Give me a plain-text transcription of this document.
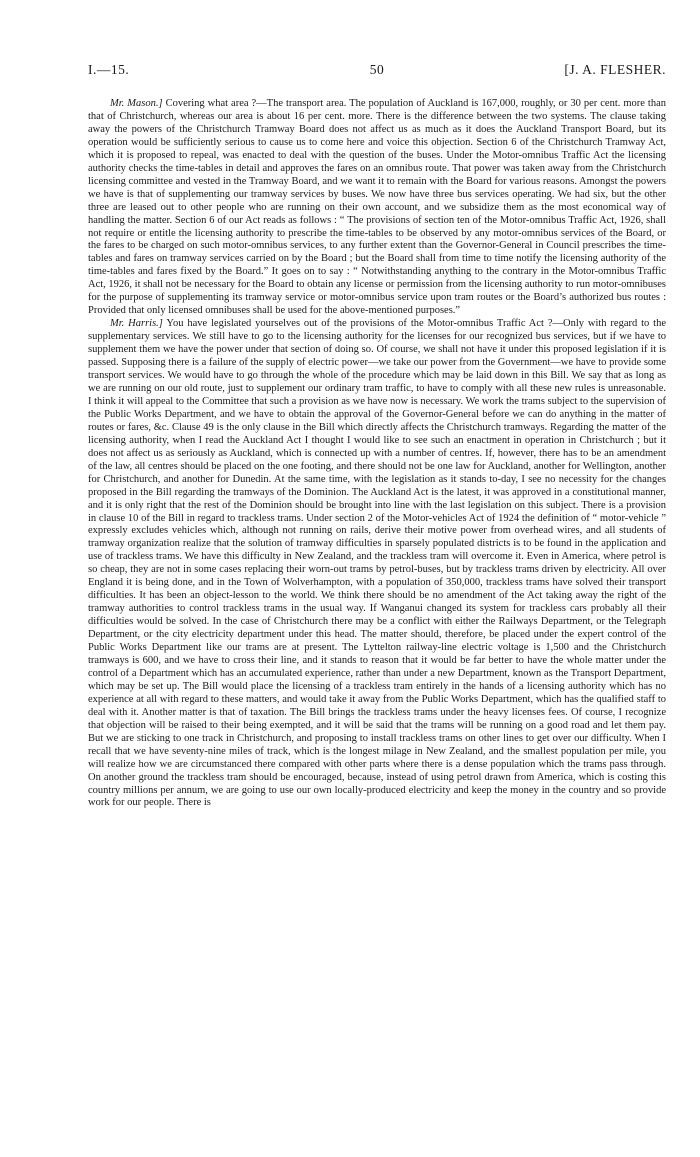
I.—15.	50	[J. A. FLESHER.

Mr. Mason.] Covering what area ?—The transport area. The population of Auckland is 167,000, roughly, or 30 per cent. more than that of Christchurch, whereas our area is about 16 per cent. more. There is the difference between the two systems. The clause taking away the powers of the Christchurch Tramway Board does not affect us as much as it does the Auckland Transport Board, but its operation would be sufficiently serious to cause us to come here and voice this objection. Section 6 of the Christchurch Tramway Act, which it is proposed to repeal, was enacted to deal with the question of the buses. Under the Motor-omnibus Traffic Act the licensing authority checks the time-tables in detail and approves the fares on an omnibus route. That power was taken away from the Christchurch licensing committee and vested in the Tramway Board, and we want it to remain with the Board for various reasons. Amongst the powers we have is that of supplementing our tramway services by buses. We now have three bus services operating. We had six, but the other three are leased out to other people who are running on their own account, and we subsidize them as the most economical way of handling the matter. Section 6 of our Act reads as follows : “ The provisions of section ten of the Motor-omnibus Traffic Act, 1926, shall not require or entitle the licensing authority to prescribe the time-tables to be observed by any motor-omnibus services of the Board, or the fares to be charged on such motor-omnibus services, to any further extent than the Governor-General in Council prescribes the time-tables and fares on tramway services carried on by the Board ; but the Board shall from time to time notify the licensing authority of the time-tables and fares fixed by the Board.” It goes on to say : “ Notwithstanding anything to the contrary in the Motor-omnibus Traffic Act, 1926, it shall not be necessary for the Board to obtain any license or permission from the licensing authority to run motor-omnibuses for the purpose of supplementing its tramway service or motor-omnibus service upon tram routes or the Board’s authorized bus routes : Provided that only licensed omnibuses shall be used for the above-mentioned purposes.”

Mr. Harris.] You have legislated yourselves out of the provisions of the Motor-omnibus Traffic Act ?—Only with regard to the supplementary services. We still have to go to the licensing authority for the licenses for our recognized bus services, but if we have to supplement them we have the power under that section of doing so. Of course, we shall not have it under this proposed legislation if it is passed. Supposing there is a failure of the supply of electric power—we take our power from the Government—we have to provide some transport services. We would have to go through the whole of the procedure which may be laid down in this Bill. We say that as long as we are running on our old route, just to supplement our ordinary tram traffic, to have to comply with all these new rules is unreasonable. I think it will appeal to the Committee that such a provision as we have now is necessary. We work the trams subject to the supervision of the Public Works Department, and we have to obtain the approval of the Governor-General before we can do anything in the matter of routes or fares, &c. Clause 49 is the only clause in the Bill which directly affects the Christchurch tramways. Regarding the matter of the licensing authority, when I read the Auckland Act I thought I would like to see such an enactment in operation in Christchurch ; but it does not affect us as seriously as Auckland, which is connected up with a number of centres. If, however, there has to be an amendment of the law, all centres should be placed on the one footing, and there should not be one law for Auckland, another for Wellington, another for Christchurch, and another for Dunedin. At the same time, with the legislation as it stands to-day, I see no necessity for the changes proposed in the Bill regarding the tramways of the Dominion. The Auckland Act is the latest, it was approved in a constitutional manner, and it is only right that the rest of the Dominion should be brought into line with the last legislation on this subject. There is a provision in clause 10 of the Bill in regard to trackless trams. Under section 2 of the Motor-vehicles Act of 1924 the definition of “ motor-vehicle ” expressly excludes vehicles which, although not running on rails, derive their motive power from overhead wires, and all students of tramway organization realize that the solution of tramway difficulties in sparsely populated districts is to be found in the application and use of trackless trams. We have this difficulty in New Zealand, and the trackless tram will overcome it. Even in America, where petrol is so cheap, they are not in some cases replacing their worn-out trams by petrol-buses, but by trackless trams driven by electricity. All over England it is being done, and in the Town of Wolverhampton, with a population of 350,000, trackless trams have solved their transport difficulties. It has been an object-lesson to the world. We think there should be no amendment of the Act taking away the right of the tramway authorities to control trackless trams in the usual way. If Wanganui changed its system for trackless cars probably all their difficulties would be solved. In the case of Christchurch there may be a conflict with either the Railways Department, or the Telegraph Department, or the city electricity department under this head. The matter should, therefore, be placed under the expert control of the Public Works Department like our trams are at present. The Lyttelton railway-line electric voltage is 1,500 and the Christchurch tramways is 600, and we have to cross their line, and it stands to reason that it would be far better to have the whole matter under the control of a Department which has an accumulated experience, rather than under a new Department, known as the Transport Department, which may be set up. The Bill would place the licensing of a trackless tram entirely in the hands of a licensing authority which has no experience at all with regard to these matters, and would take it away from the Public Works Department, which has the qualified staff to deal with it. Another matter is that of taxation. The Bill brings the trackless trams under the heavy licenses fees. Of course, I recognize that objection will be raised to their being exempted, and it will be said that the trams will be running on a good road and let them pay. But we are sticking to one track in Christchurch, and proposing to install trackless trams on other lines to get over our difficulty. When I recall that we have seventy-nine miles of track, which is the longest milage in New Zealand, and the smallest population per mile, you will realize how we are circumstanced there compared with other parts where there is a dense population which the trams pass through. On another ground the trackless tram should be encouraged, because, instead of using petrol drawn from America, which is costing this country millions per annum, we are going to use our own locally-produced electricity and keep the money in the country and so provide work for our people. There is
